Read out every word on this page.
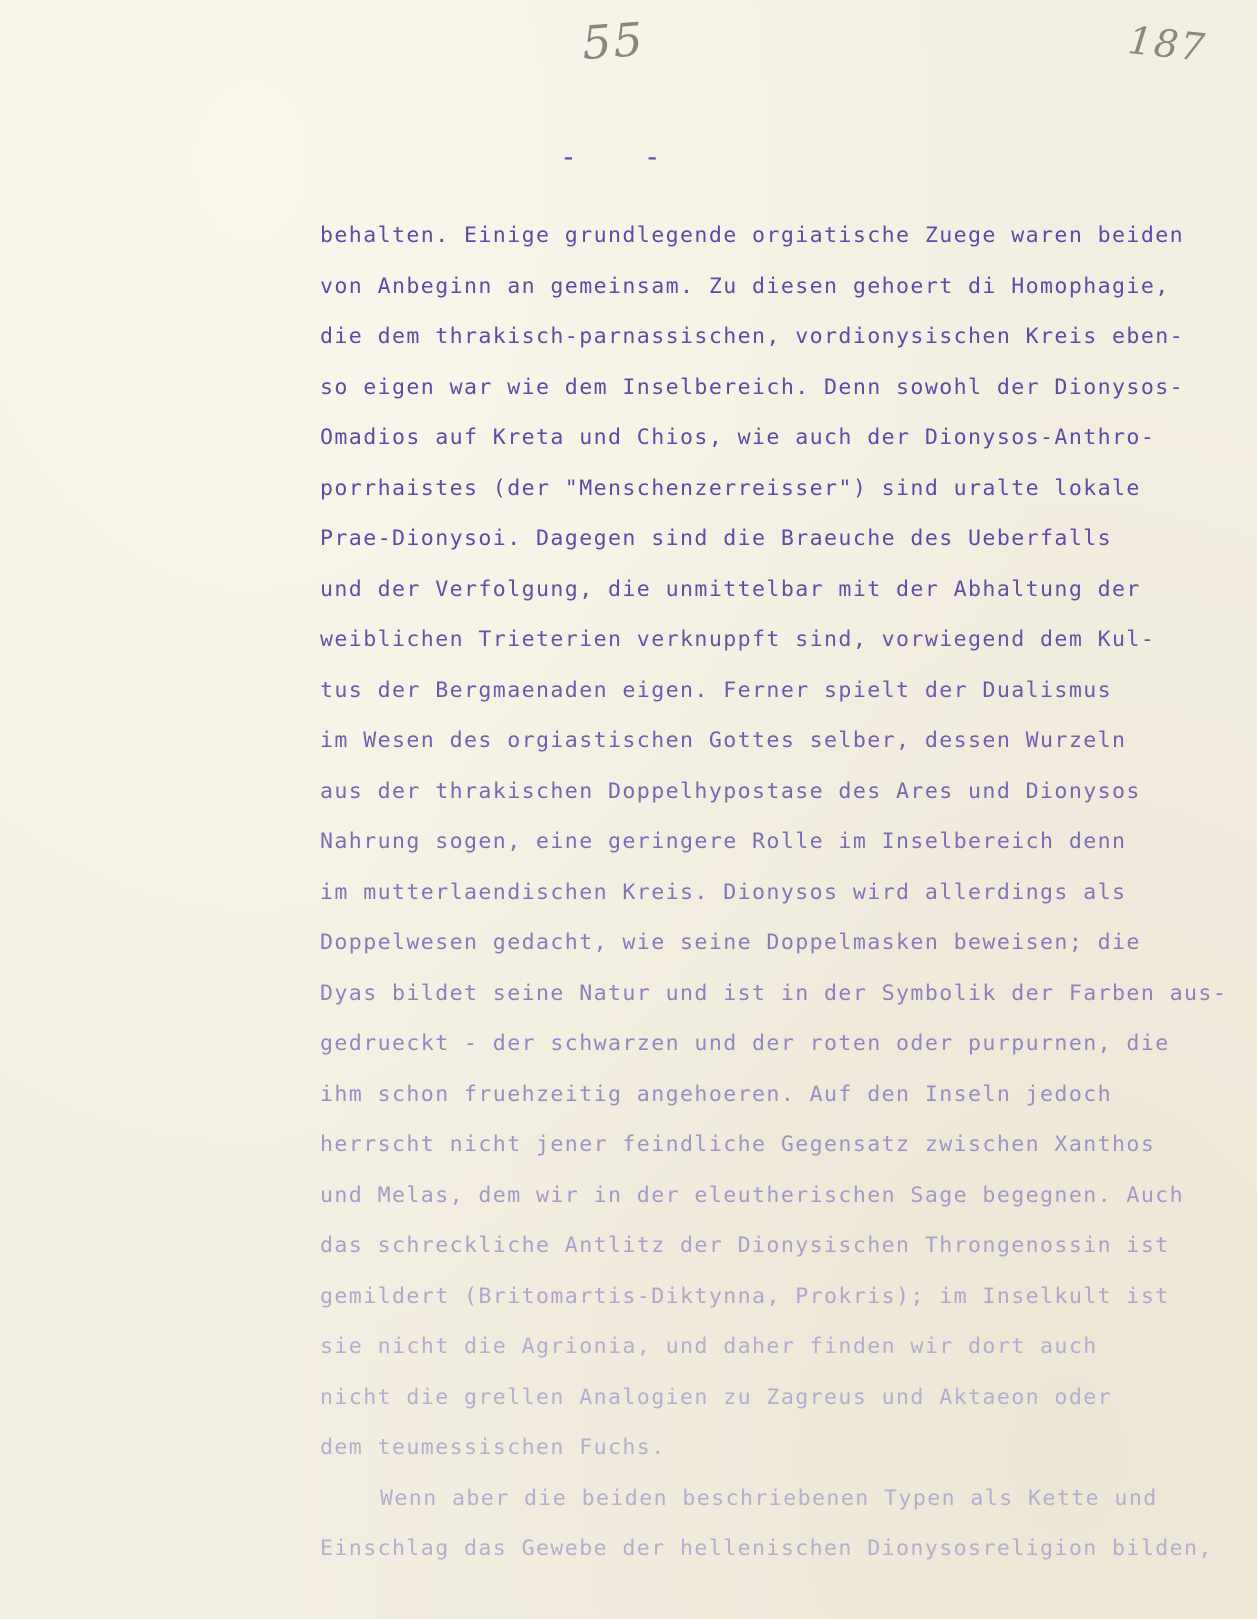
55	187
- -
behalten. Einige grundlegende orgiatische Zuege waren beiden
von Anbeginn an gemeinsam. Zu diesen gehoert di Homophagie,
die dem thrakisch-parnassischen, vordionysischen Kreis eben-
so eigen war wie dem Inselbereich. Denn sowohl der Dionysos-
Omadios auf Kreta und Chios, wie auch der Dionysos-Anthro-
porrhaistes (der "Menschenzerreisser") sind uralte lokale
Prae-Dionysoi. Dagegen sind die Braeuche des Ueberfalls
und der Verfolgung, die unmittelbar mit der Abhaltung der
weiblichen Trieterien verknuppft sind, vorwiegend dem Kul-
tus der Bergmaenaden eigen. Ferner spielt der Dualismus
im Wesen des orgiastischen Gottes selber, dessen Wurzeln
aus der thrakischen Doppelhypostase des Ares und Dionysos
Nahrung sogen, eine geringere Rolle im Inselbereich denn
im mutterlaendischen Kreis. Dionysos wird allerdings als
Doppelwesen gedacht, wie seine Doppelmasken beweisen; die
Dyas bildet seine Natur und ist in der Symbolik der Farben aus-
gedrueckt - der schwarzen und der roten oder purpurnen, die
ihm schon fruehzeitig angehoeren. Auf den Inseln jedoch
herrscht nicht jener feindliche Gegensatz zwischen Xanthos
und Melas, dem wir in der eleutherischen Sage begegnen. Auch
das schreckliche Antlitz der Dionysischen Throngenossin ist
gemildert (Britomartis-Diktynna, Prokris); im Inselkult ist
sie nicht die Agrionia, und daher finden wir dort auch
nicht die grellen Analogien zu Zagreus und Aktaeon oder
dem teumessischen Fuchs.
Wenn aber die beiden beschriebenen Typen als Kette und
Einschlag das Gewebe der hellenischen Dionysosreligion bilden,
